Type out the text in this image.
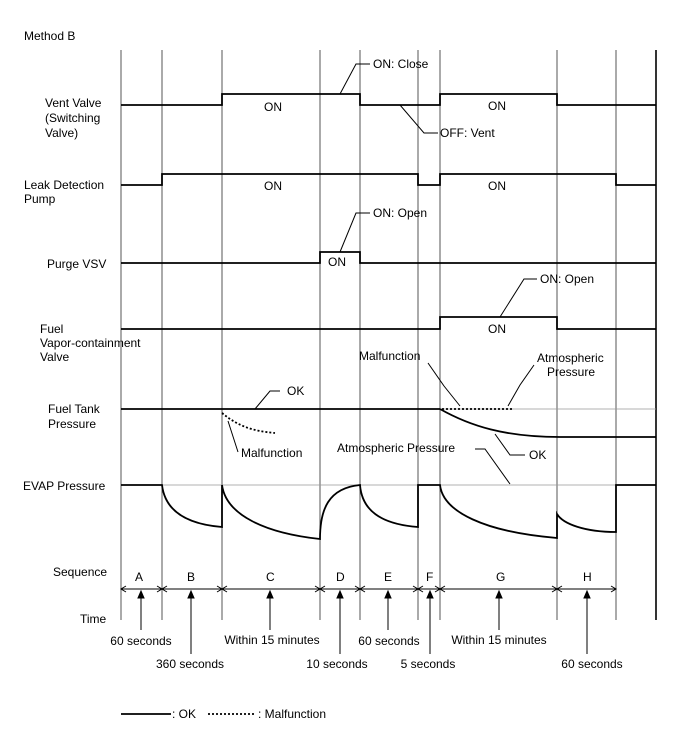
Method B
Vent Valve (Switching Valve)
Leak Detection Pump
Purge VSV
Fuel Vapor-containment Valve
Fuel Tank Pressure
EVAP Pressure
Sequence
Time
ON	ON
ON	ON
ON
ON
ON: Close
OFF: Vent
ON: Open
ON: Open
OK
Malfunction
Malfunction	Atmospheric Pressure
OK
Atmospheric Pressure
A	B	C	D	E	F	G	H
60 seconds
360 seconds
Within 15 minutes
10 seconds
60 seconds
5 seconds
Within 15 minutes
60 seconds
: OK	: Malfunction
